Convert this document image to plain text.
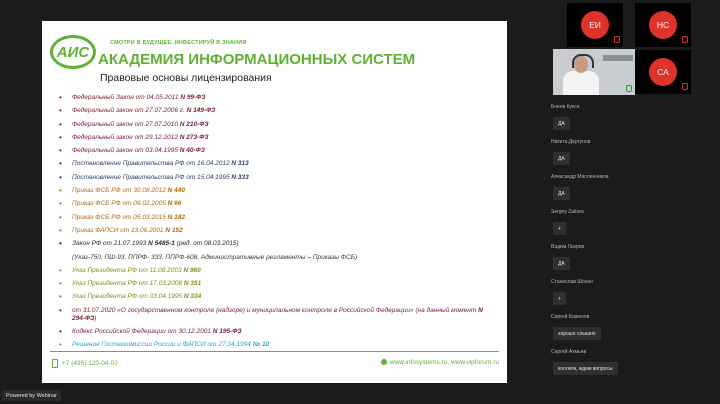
АИС
СМОТРИ В БУДУЩЕЕ. ИНВЕСТИРУЙ В ЗНАНИЯ
АКАДЕМИЯ ИНФОРМАЦИОННЫХ СИСТЕМ
Правовые основы лицензирования
• Федеральный Закон от 04.05.2011 N 99-ФЗ
• Федеральный закон от 27.07.2006 г. N 149-ФЗ
• Федеральный закон от 27.07.2010 N 210-ФЗ
• Федеральный закон от 29.12.2012 N 273-ФЗ
• Федеральный закон от 03.04.1995 N 40-ФЗ
• Постановление Правительства РФ от 16.04.2012 N 313
• Постановление Правительства РФ от 15.04.1995 N 333
• Приказ ФСБ РФ от 30.08.2012 N 440
• Приказ ФСБ РФ от 09.02.2005 N 66
• Приказ ФСБ РФ от 05.03.2015 N 182
• Приказ ФАПСИ от 13.06.2001 N 152
• Закон РФ от 21.07.1993 N 5485-1 (ред. от 08.03.2015)
(Указ-750, ПШ-93, ППРФ- 333, ППРФ-608, Административные регламенты – Приказы ФСБ)
• Указ Президента РФ от 11.08.2003 N 960
• Указ Президента РФ от 17.03.2008 N 351
• Указ Президента РФ от 03.04.1995 N 334
• от 31.07.2020 «О государственном контроле (надзоре) и муниципальном контроле в Российской Федерации» (на данный момент N 294-ФЗ)
• Кодекс Российской Федерации от 30.12.2001 N 195-ФЗ
• Решение Гостехкомиссии России и ФАПСИ от 27.04.1994 № 10
+7 (495) 120-04-02	www.infosystems.ru, www.vipforum.ru
ЕИ	НС
СА
Бнеев Кукся
ДА
Никита Дергунов
ДА
Александр Мясленников
ДА
Sergey Zaitsev
+
Вадим Лазров
ДА
Станислав Шохин
+
Сергей Баженов
хорошо слышно
Сергей Ахмьев
коллеги, ждем вопросы
Powered by Webinar
